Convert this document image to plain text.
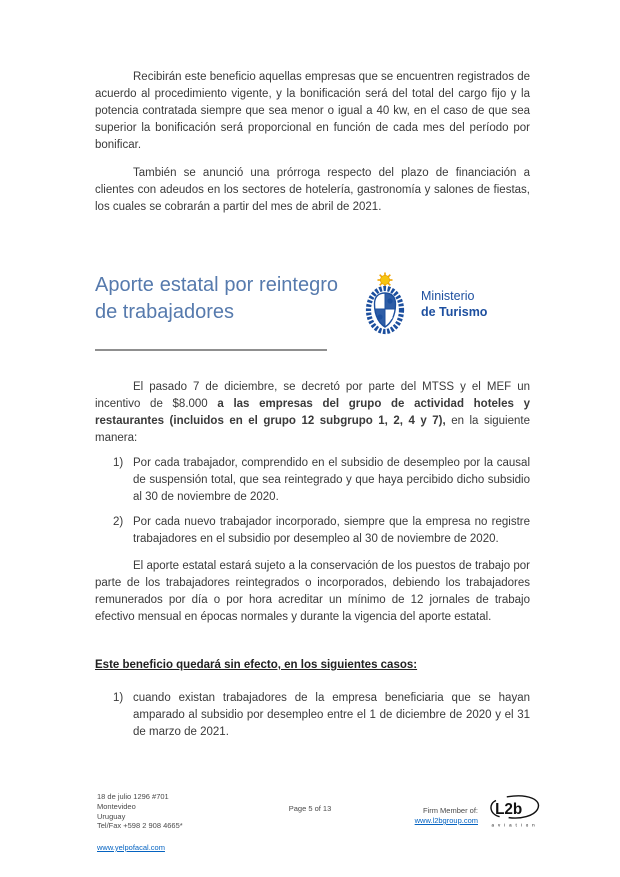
Recibirán este beneficio aquellas empresas que se encuentren registrados de acuerdo al procedimiento vigente, y la bonificación será del total del cargo fijo y la potencia contratada siempre que sea menor o igual a 40 kw, en el caso de que sea superior la bonificación será proporcional en función de cada mes del período por bonificar.

También se anunció una prórroga respecto del plazo de financiación a clientes con adeudos en los sectores de hotelería, gastronomía y salones de fiestas, los cuales se cobrarán a partir del mes de abril de 2021.

Aporte estatal por reintegro de trabajadores
Ministerio
de Turismo

El pasado 7 de diciembre, se decretó por parte del MTSS y el MEF un incentivo de $8.000 a las empresas del grupo de actividad hoteles y restaurantes (incluidos en el grupo 12 subgrupo 1, 2, 4 y 7), en la siguiente manera:

1) Por cada trabajador, comprendido en el subsidio de desempleo por la causal de suspensión total, que sea reintegrado y que haya percibido dicho subsidio al 30 de noviembre de 2020.
2) Por cada nuevo trabajador incorporado, siempre que la empresa no registre trabajadores en el subsidio por desempleo al 30 de noviembre de 2020.

El aporte estatal estará sujeto a la conservación de los puestos de trabajo por parte de los trabajadores reintegrados o incorporados, debiendo los trabajadores remunerados por día o por hora acreditar un mínimo de 12 jornales de trabajo efectivo mensual en épocas normales y durante la vigencia del aporte estatal.

Este beneficio quedará sin efecto, en los siguientes casos:
1) cuando existan trabajadores de la empresa beneficiaria que se hayan amparado al subsidio por desempleo entre el 1 de diciembre de 2020 y el 31 de marzo de 2021.
18 de julio 1296 #701
Montevideo
Uruguay
Tel/Fax +598 2 908 4665*
www.yelpofacal.com
Page 5 of 13	Firm Member of:
www.l2bgroup.com
L2b
a v i a t i o n
